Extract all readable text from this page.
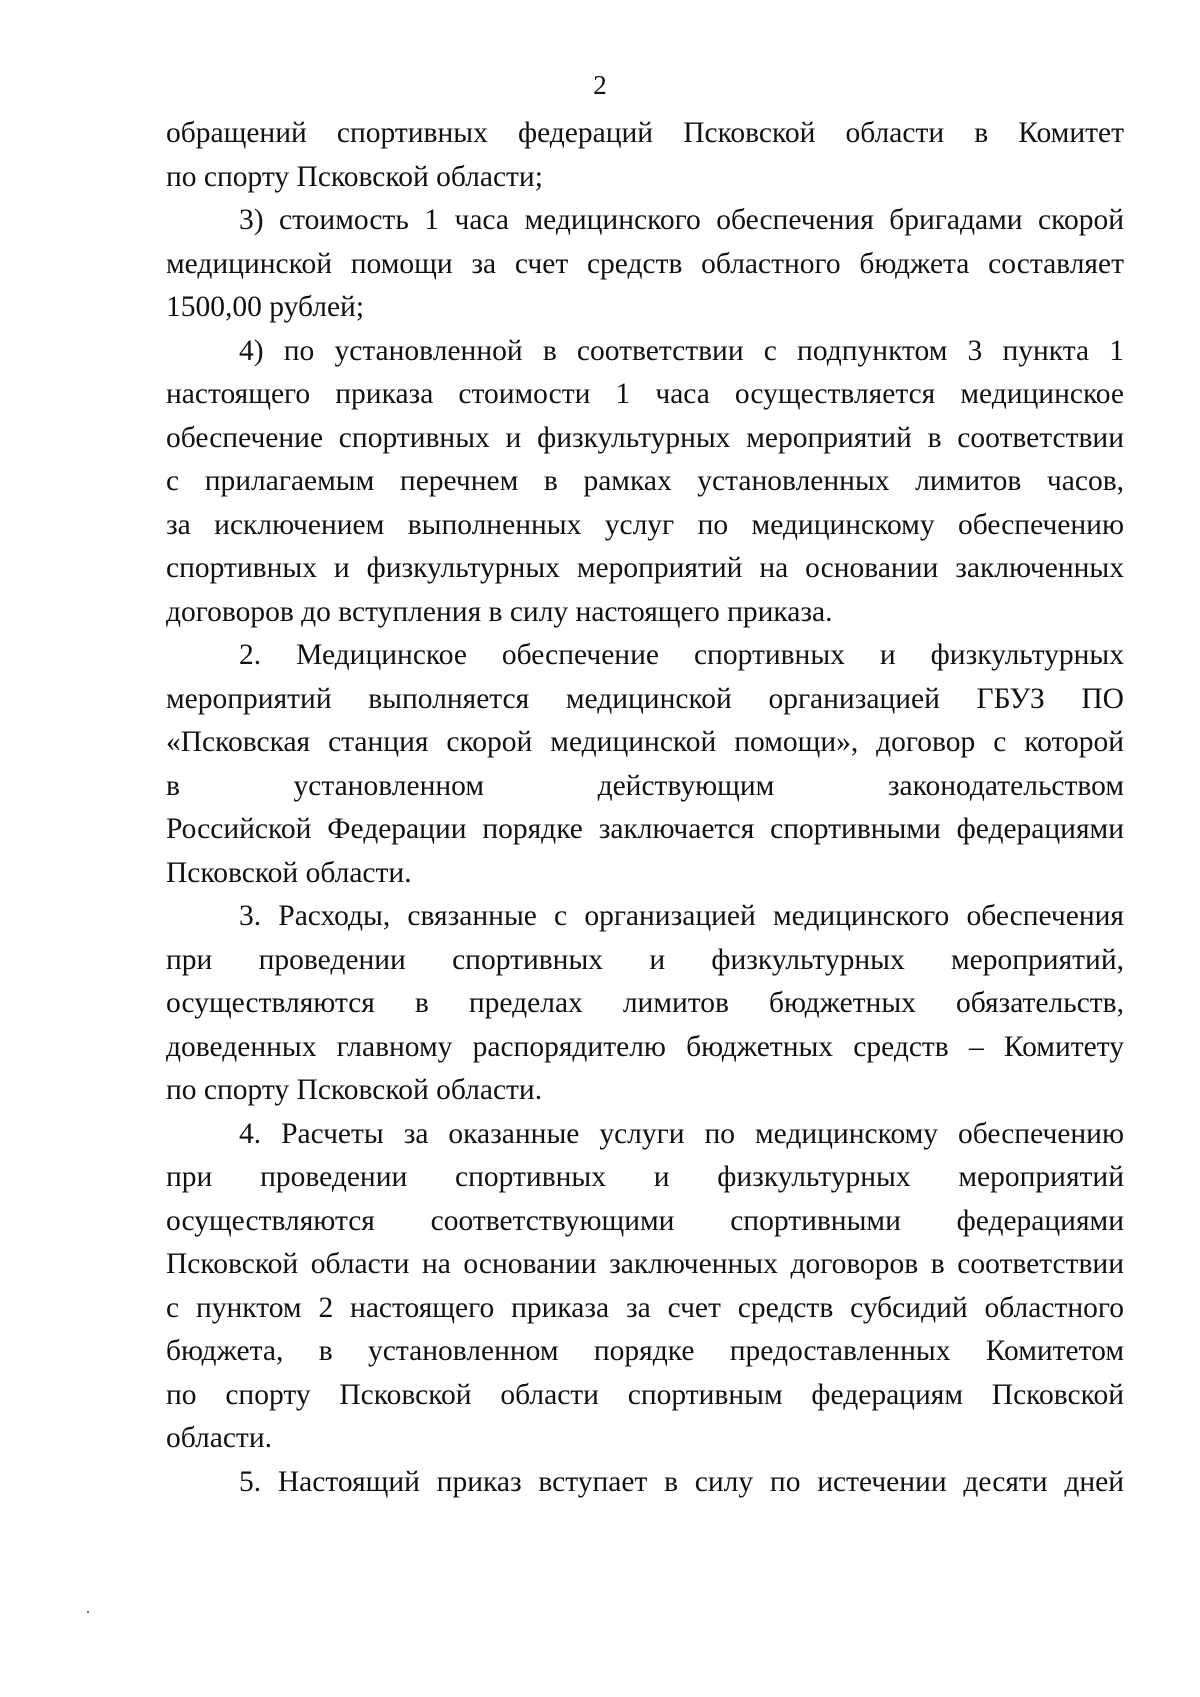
2

обращений спортивных федераций Псковской области в Комитет
по спорту Псковской области;

3) стоимость 1 часа медицинского обеспечения бригадами скорой
медицинской помощи за счет средств областного бюджета составляет
1500,00 рублей;

4) по установленной в соответствии с подпунктом 3 пункта 1
настоящего приказа стоимости 1 часа осуществляется медицинское
обеспечение спортивных и физкультурных мероприятий в соответствии
с прилагаемым перечнем в рамках установленных лимитов часов,
за исключением выполненных услуг по медицинскому обеспечению
спортивных и физкультурных мероприятий на основании заключенных
договоров до вступления в силу настоящего приказа.

2. Медицинское обеспечение спортивных и физкультурных
мероприятий выполняется медицинской организацией ГБУЗ ПО
«Псковская станция скорой медицинской помощи», договор с которой
в установленном действующим законодательством
Российской Федерации порядке заключается спортивными федерациями
Псковской области.

3. Расходы, связанные с организацией медицинского обеспечения
при проведении спортивных и физкультурных мероприятий,
осуществляются в пределах лимитов бюджетных обязательств,
доведенных главному распорядителю бюджетных средств – Комитету
по спорту Псковской области.

4. Расчеты за оказанные услуги по медицинскому обеспечению
при проведении спортивных и физкультурных мероприятий
осуществляются соответствующими спортивными федерациями
Псковской области на основании заключенных договоров в соответствии
с пунктом 2 настоящего приказа за счет средств субсидий областного
бюджета, в установленном порядке предоставленных Комитетом
по спорту Псковской области спортивным федерациям Псковской
области.

5. Настоящий приказ вступает в силу по истечении десяти дней
